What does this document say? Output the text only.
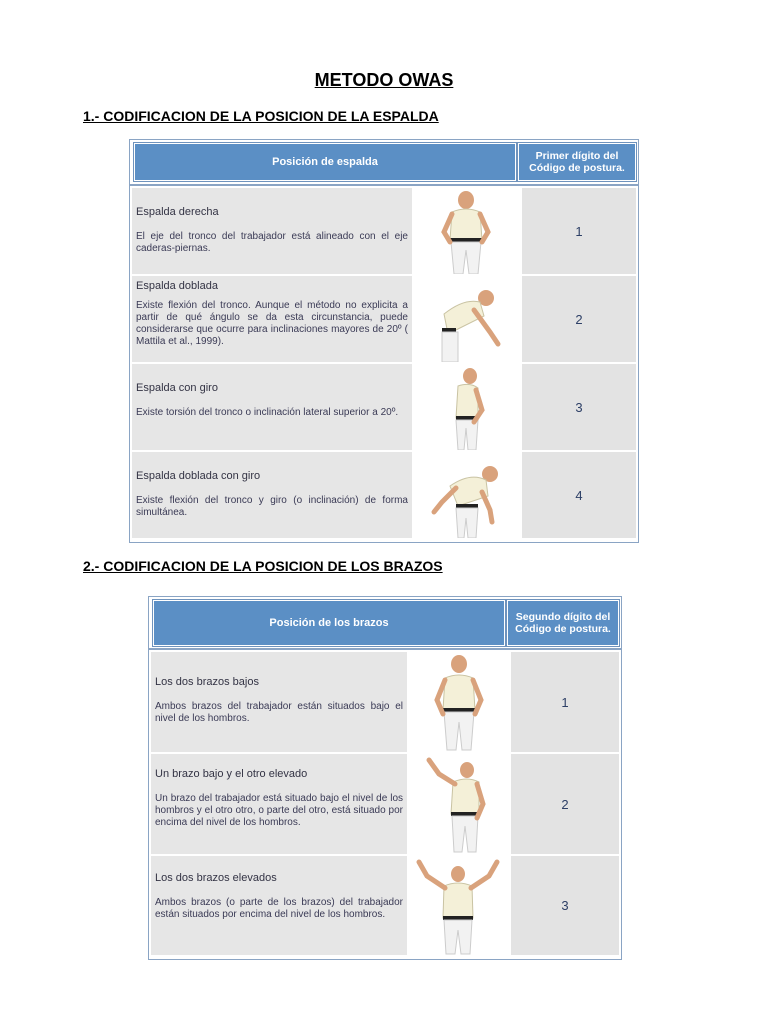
METODO OWAS
1.- CODIFICACION DE LA POSICION DE LA ESPALDA
Posición de espalda	Primer dígito del Código de postura.
Espalda derecha
El eje del tronco del trabajador está alineado con el eje caderas-piernas.
1
Espalda doblada
Existe flexión del tronco. Aunque el método no explicita a partir de qué ángulo se da esta circunstancia, puede considerarse que ocurre para inclinaciones mayores de 20º ( Mattila et al., 1999).
2
Espalda con giro
Existe torsión del tronco o inclinación lateral superior a 20º.	3
Espalda doblada con giro
Existe flexión del tronco y giro (o inclinación) de forma simultánea.
4
2.- CODIFICACION DE LA POSICION DE LOS BRAZOS
Posición de los brazos	Segundo dígito del Código de postura.
Los dos brazos bajos
Ambos brazos del trabajador están situados bajo el nivel de los hombros.
1
Un brazo bajo y el otro elevado
Un brazo del trabajador está situado bajo el nivel de los hombros y el otro otro, o parte del otro, está situado por encima del nivel de los hombros.
2
Los dos brazos elevados
Ambos brazos (o parte de los brazos) del trabajador están situados por encima del nivel de los hombros.
3
